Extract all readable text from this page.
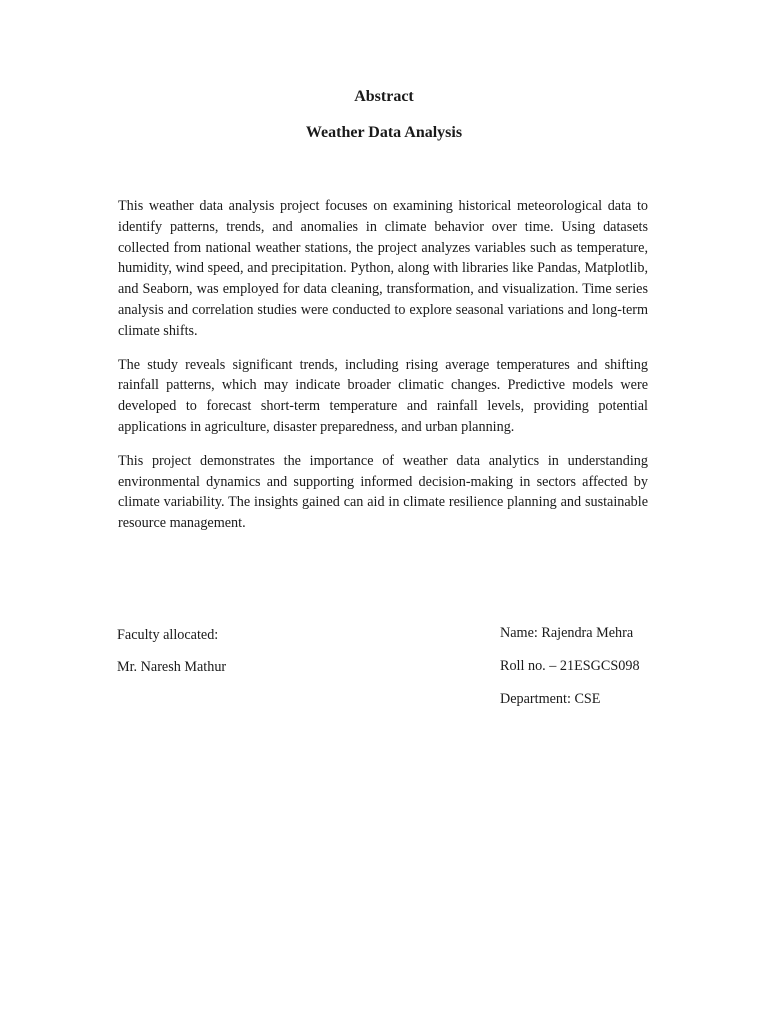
Abstract
Weather Data Analysis

This weather data analysis project focuses on examining historical meteorological data to identify patterns, trends, and anomalies in climate behavior over time. Using datasets collected from national weather stations, the project analyzes variables such as temperature, humidity, wind speed, and precipitation. Python, along with libraries like Pandas, Matplotlib, and Seaborn, was employed for data cleaning, transformation, and visualization. Time series analysis and correlation studies were conducted to explore seasonal variations and long-term climate shifts.

The study reveals significant trends, including rising average temperatures and shifting rainfall patterns, which may indicate broader climatic changes. Predictive models were developed to forecast short-term temperature and rainfall levels, providing potential applications in agriculture, disaster preparedness, and urban planning.

This project demonstrates the importance of weather data analytics in understanding environmental dynamics and supporting informed decision-making in sectors affected by climate variability. The insights gained can aid in climate resilience planning and sustainable resource management.

Faculty allocated:
Mr. Naresh Mathur
Name: Rajendra Mehra
Roll no. – 21ESGCS098
Department: CSE
